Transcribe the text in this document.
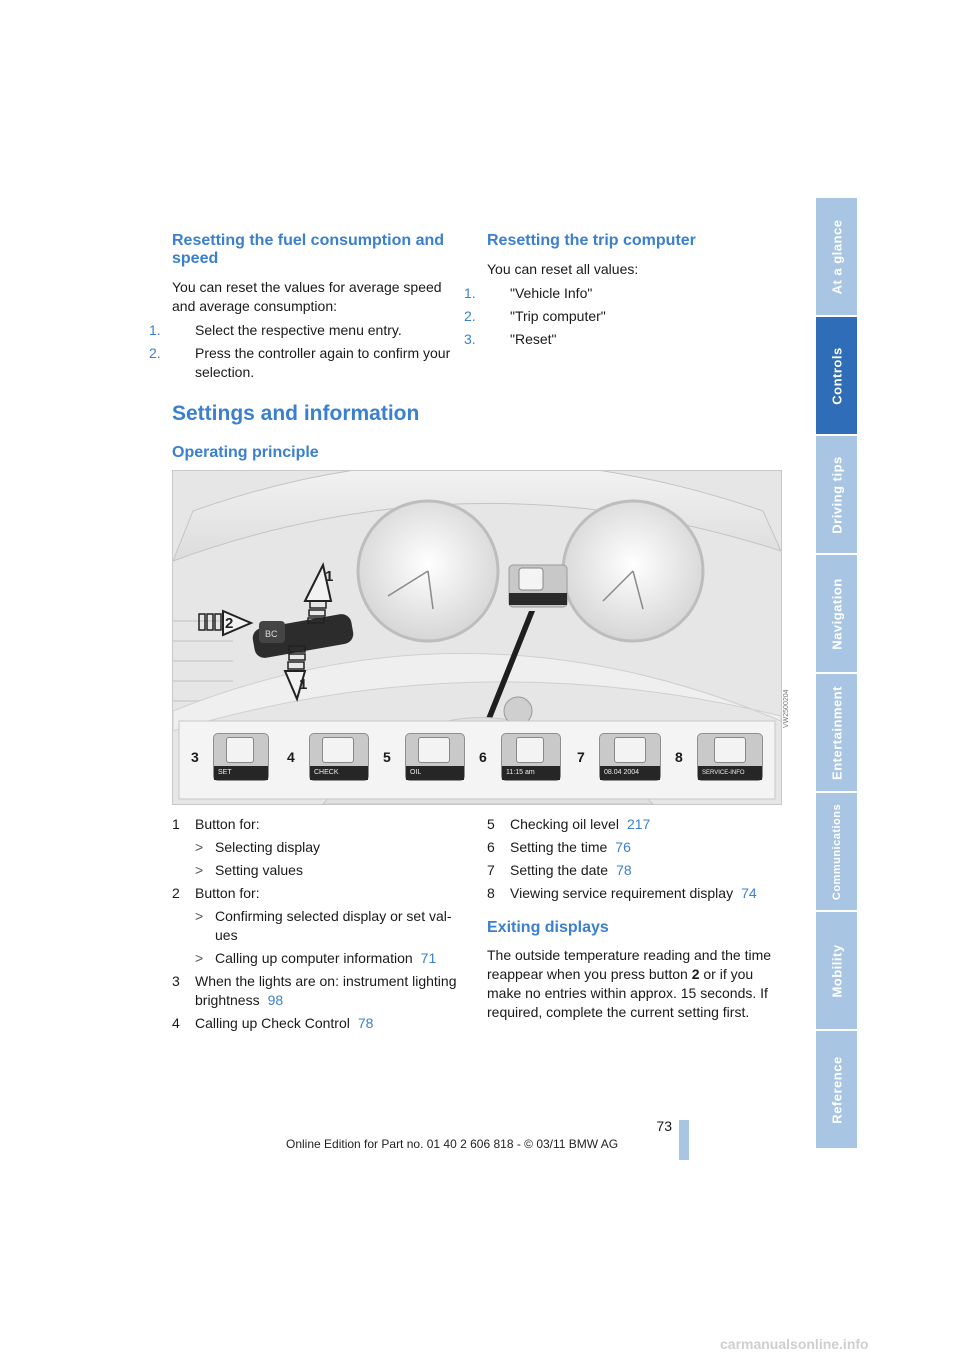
Resetting the fuel consumption and speed

You can reset the values for average speed and average consumption:

1. Select the respective menu entry.
2. Press the controller again to confirm your selection.
Resetting the trip computer

You can reset all values:

1. "Vehicle Info"
2. "Trip computer"
3. "Reset"
Settings and information
Operating principle
BC
1
1
2
3
SET
4
CHECK
5
OIL
6
11:15 am
7
08.04 2004
8
SERVICE-INFO
VW2500204
1 Button for:
> Selecting display
> Setting values
2 Button for:
> Confirming selected display or set val-ues
> Calling up computer information 71
3 When the lights are on: instrument lighting brightness 98
4 Calling up Check Control 78
5 Checking oil level 217
6 Setting the time 76
7 Setting the date 78
8 Viewing service requirement display 74
Exiting displays

The outside temperature reading and the time reappear when you press button 2 or if you make no entries within approx. 15 seconds. If required, complete the current setting first.

At a glance
Controls
Driving tips
Navigation
Entertainment
Communications
Mobility
Reference
73
Online Edition for Part no. 01 40 2 606 818 - © 03/11 BMW AG
carmanualsonline.info
